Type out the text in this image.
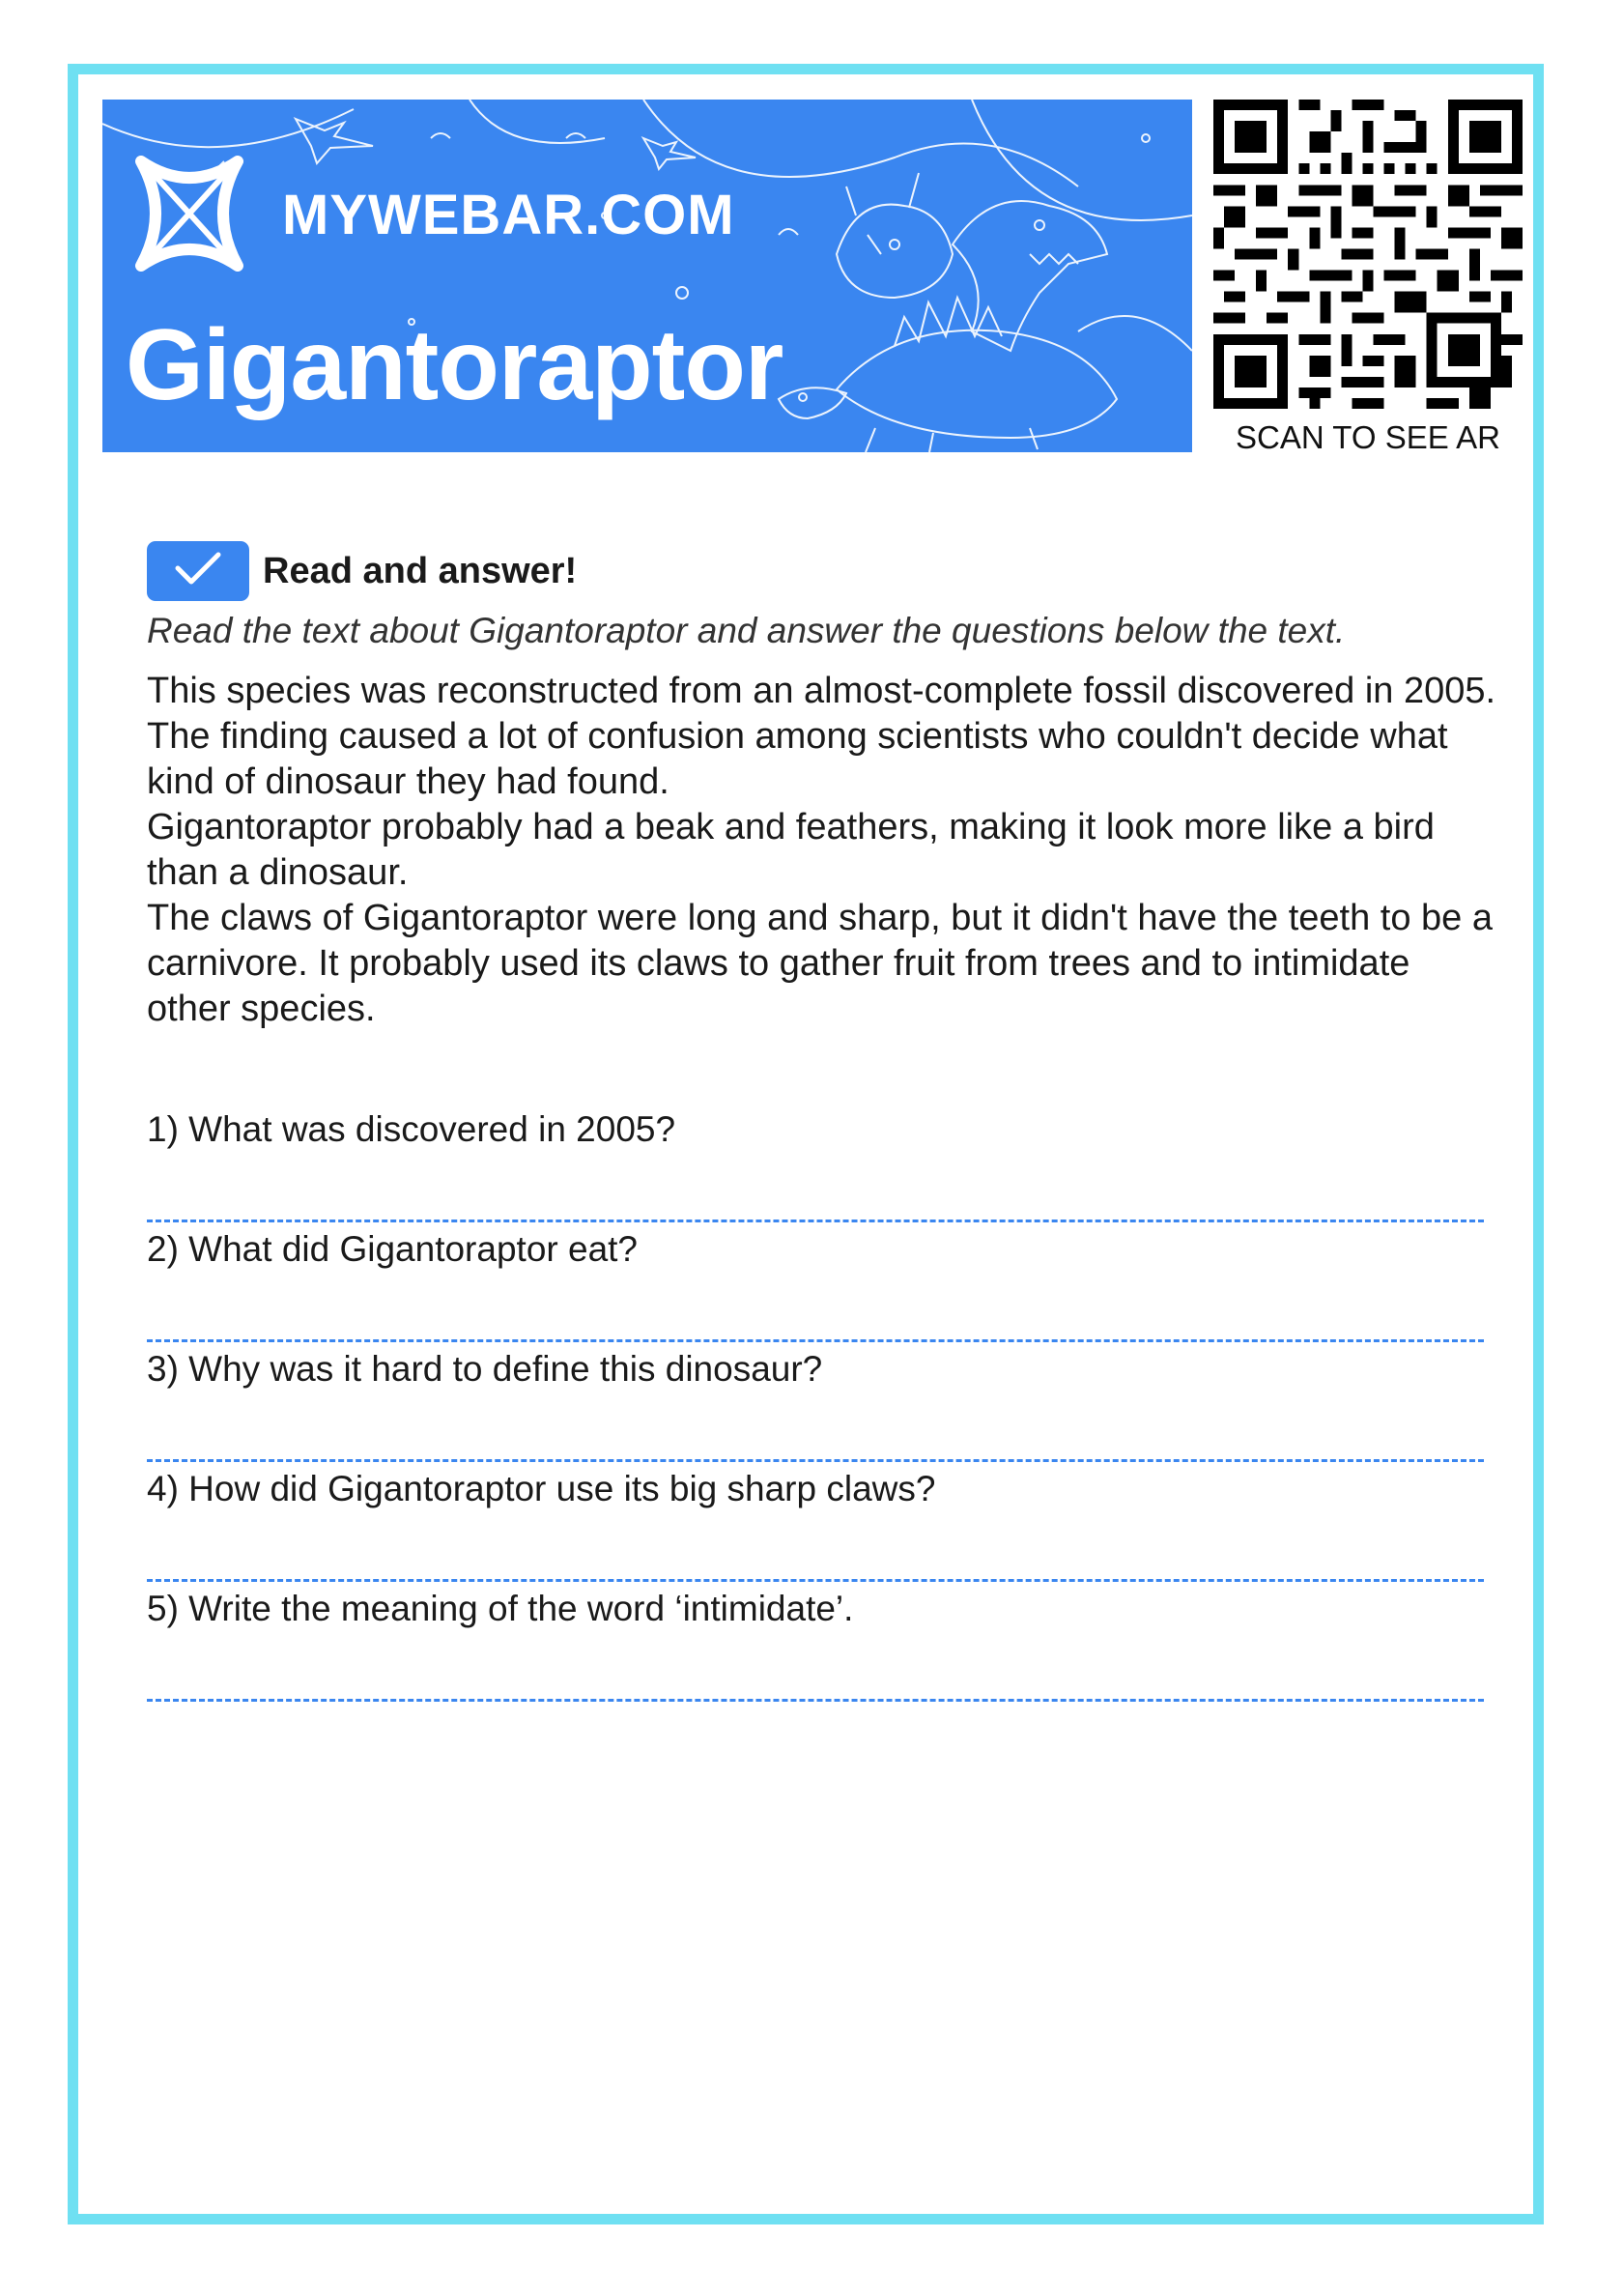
MYWEBAR.COM
Gigantoraptor
SCAN TO SEE AR
Read and answer!
Read the text about Gigantoraptor and answer the questions below the text.

This species was reconstructed from an almost-complete fossil discovered in 2005. The finding caused a lot of confusion among scientists who couldn't decide what kind of dinosaur they had found.

Gigantoraptor probably had a beak and feathers, making it look more like a bird than a dinosaur.

The claws of Gigantoraptor were long and sharp, but it didn't have the teeth to be a carnivore. It probably used its claws to gather fruit from trees and to intimidate other species.

1) What was discovered in 2005?
2) What did Gigantoraptor eat?
3) Why was it hard to define this dinosaur?
4) How did Gigantoraptor use its big sharp claws?
5) Write the meaning of the word ‘intimidate’.
